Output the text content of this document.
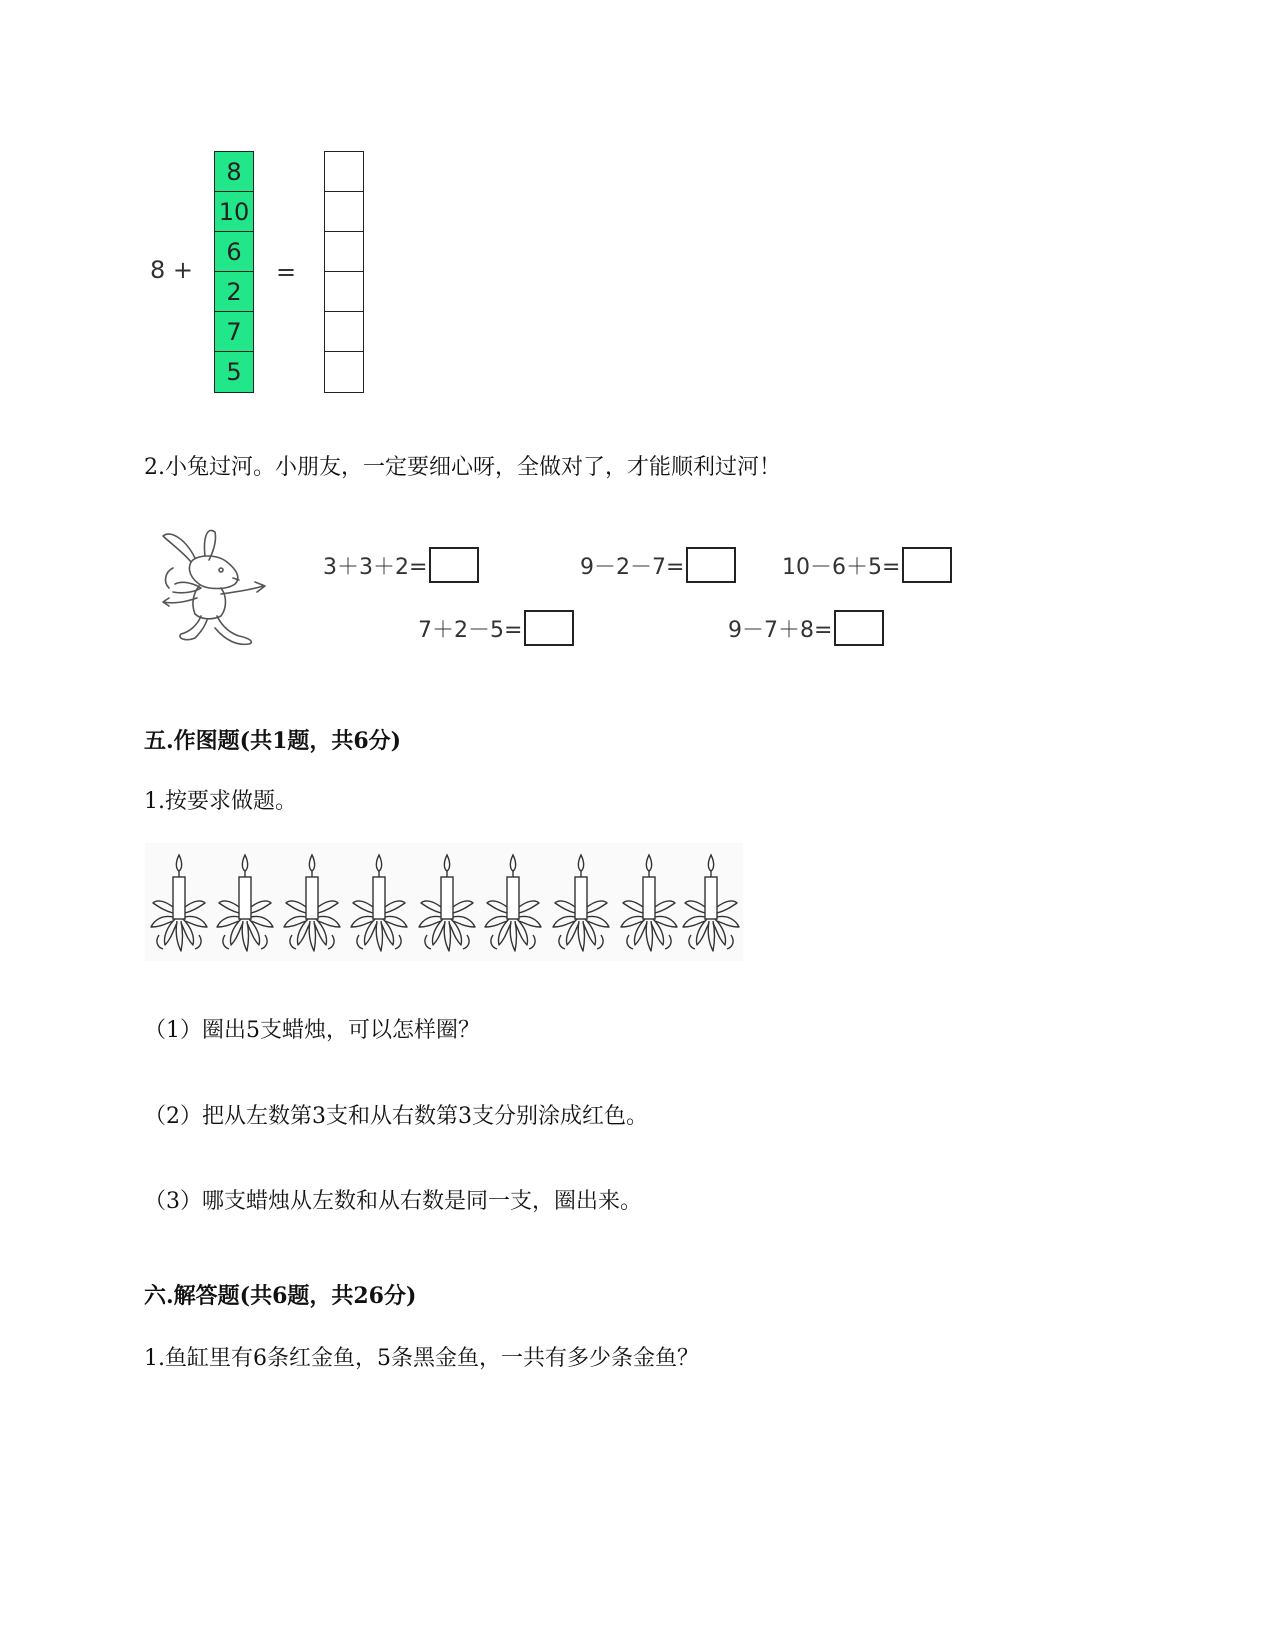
8 +
8
10
6
2
7
5
=
2.小兔过河。小朋友，一定要细心呀，全做对了，才能顺利过河！
3＋3＋2=	9－2－7=	10－6＋5=
7＋2－5=	9－7＋8=
五.作图题(共1题，共6分)
1.按要求做题。
（1）圈出5支蜡烛，可以怎样圈？
（2）把从左数第3支和从右数第3支分别涂成红色。
（3）哪支蜡烛从左数和从右数是同一支，圈出来。
六.解答题(共6题，共26分)
1.鱼缸里有6条红金鱼，5条黑金鱼，一共有多少条金鱼？
